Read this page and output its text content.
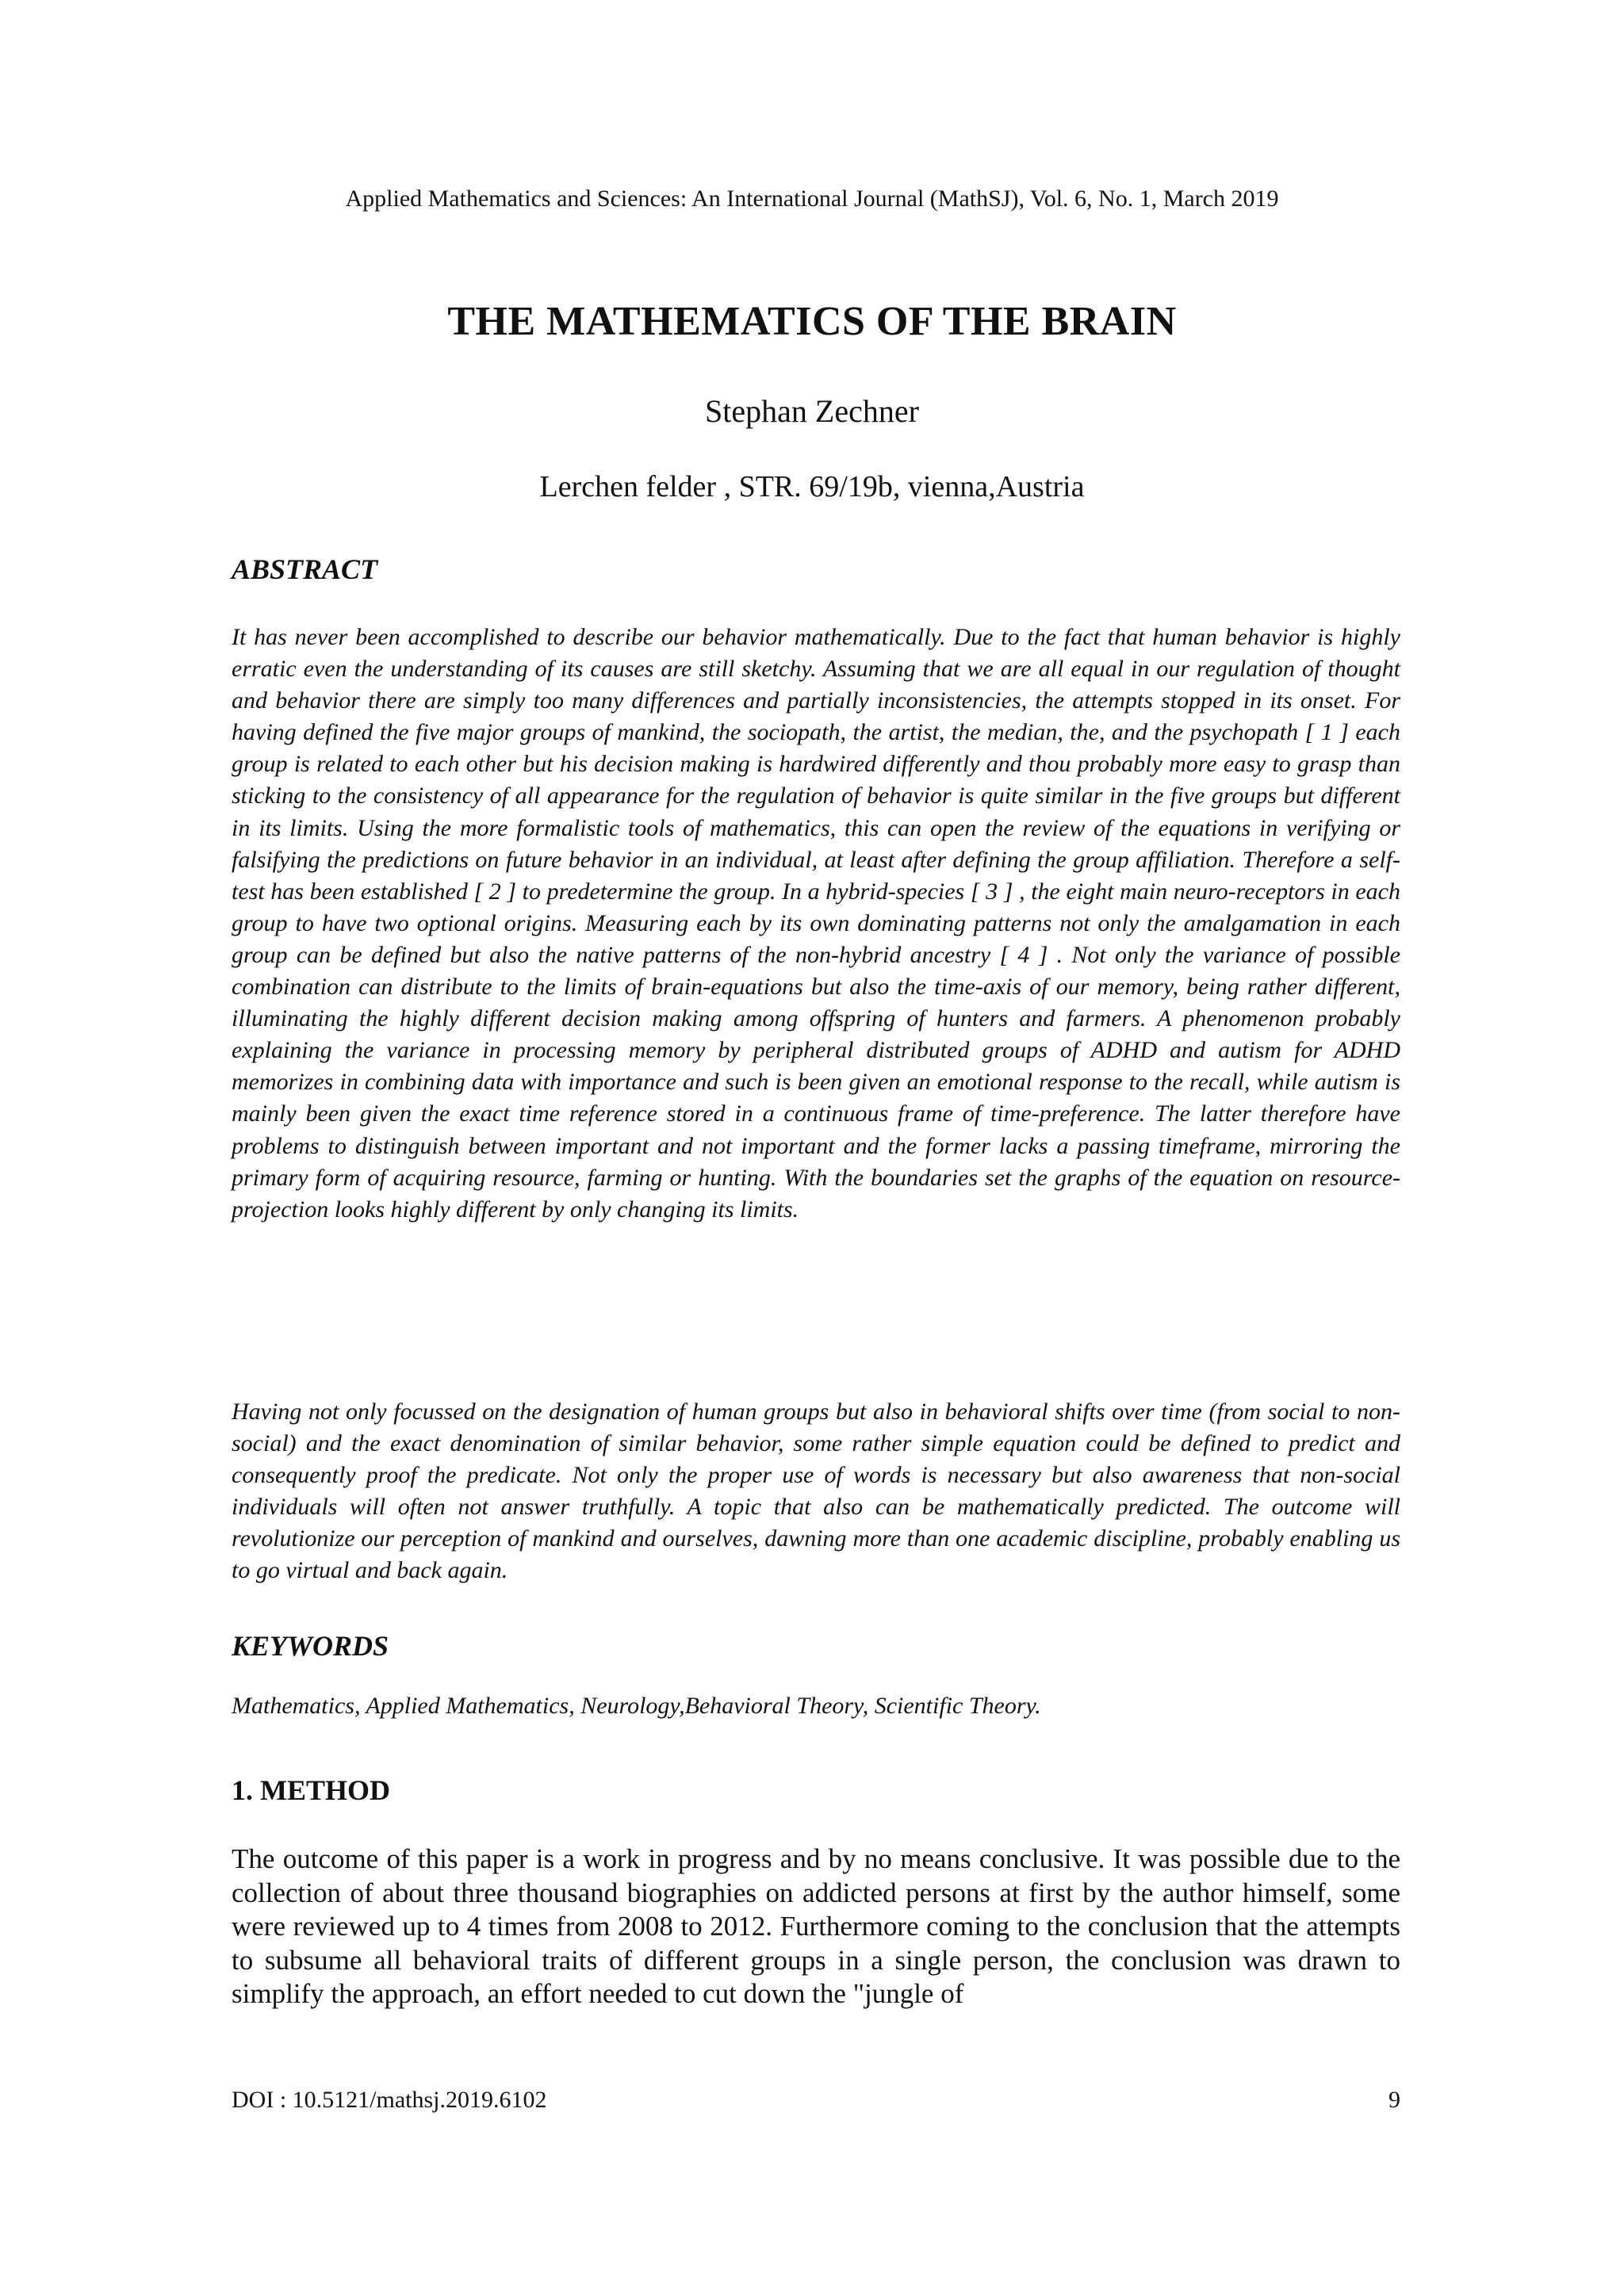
Applied Mathematics and Sciences: An International Journal (MathSJ), Vol. 6, No. 1, March 2019
THE MATHEMATICS OF THE BRAIN
Stephan Zechner
Lerchen felder , STR. 69/19b, vienna,Austria
ABSTRACT

It has never been accomplished to describe our behavior mathematically. Due to the fact that human behavior is highly erratic even the understanding of its causes are still sketchy. Assuming that we are all equal in our regulation of thought and behavior there are simply too many differences and partially inconsistencies, the attempts stopped in its onset. For having defined the five major groups of mankind, the sociopath, the artist, the median, the, and the psychopath [ 1 ] each group is related to each other but his decision making is hardwired differently and thou probably more easy to grasp than sticking to the consistency of all appearance for the regulation of behavior is quite similar in the five groups but different in its limits. Using the more formalistic tools of mathematics, this can open the review of the equations in verifying or falsifying the predictions on future behavior in an individual, at least after defining the group affiliation. Therefore a self-test has been established [ 2 ] to predetermine the group. In a hybrid-species [ 3 ] , the eight main neuro-receptors in each group to have two optional origins. Measuring each by its own dominating patterns not only the amalgamation in each group can be defined but also the native patterns of the non-hybrid ancestry [ 4 ] . Not only the variance of possible combination can distribute to the limits of brain-equations but also the time-axis of our memory, being rather different, illuminating the highly different decision making among offspring of hunters and farmers. A phenomenon probably explaining the variance in processing memory by peripheral distributed groups of ADHD and autism for ADHD memorizes in combining data with importance and such is been given an emotional response to the recall, while autism is mainly been given the exact time reference stored in a continuous frame of time-preference. The latter therefore have problems to distinguish between important and not important and the former lacks a passing timeframe, mirroring the primary form of acquiring resource, farming or hunting. With the boundaries set the graphs of the equation on resource-projection looks highly different by only changing its limits.

Having not only focussed on the designation of human groups but also in behavioral shifts over time (from social to non-social) and the exact denomination of similar behavior, some rather simple equation could be defined to predict and consequently proof the predicate. Not only the proper use of words is necessary but also awareness that non-social individuals will often not answer truthfully. A topic that also can be mathematically predicted. The outcome will revolutionize our perception of mankind and ourselves, dawning more than one academic discipline, probably enabling us to go virtual and back again.

KEYWORDS

Mathematics, Applied Mathematics, Neurology,Behavioral Theory, Scientific Theory.

1. METHOD

The outcome of this paper is a work in progress and by no means conclusive. It was possible due to the collection of about three thousand biographies on addicted persons at first by the author himself, some were reviewed up to 4 times from 2008 to 2012. Furthermore coming to the conclusion that the attempts to subsume all behavioral traits of different groups in a single person, the conclusion was drawn to simplify the approach, an effort needed to cut down the "jungle of

DOI : 10.5121/mathsj.2019.6102	9
